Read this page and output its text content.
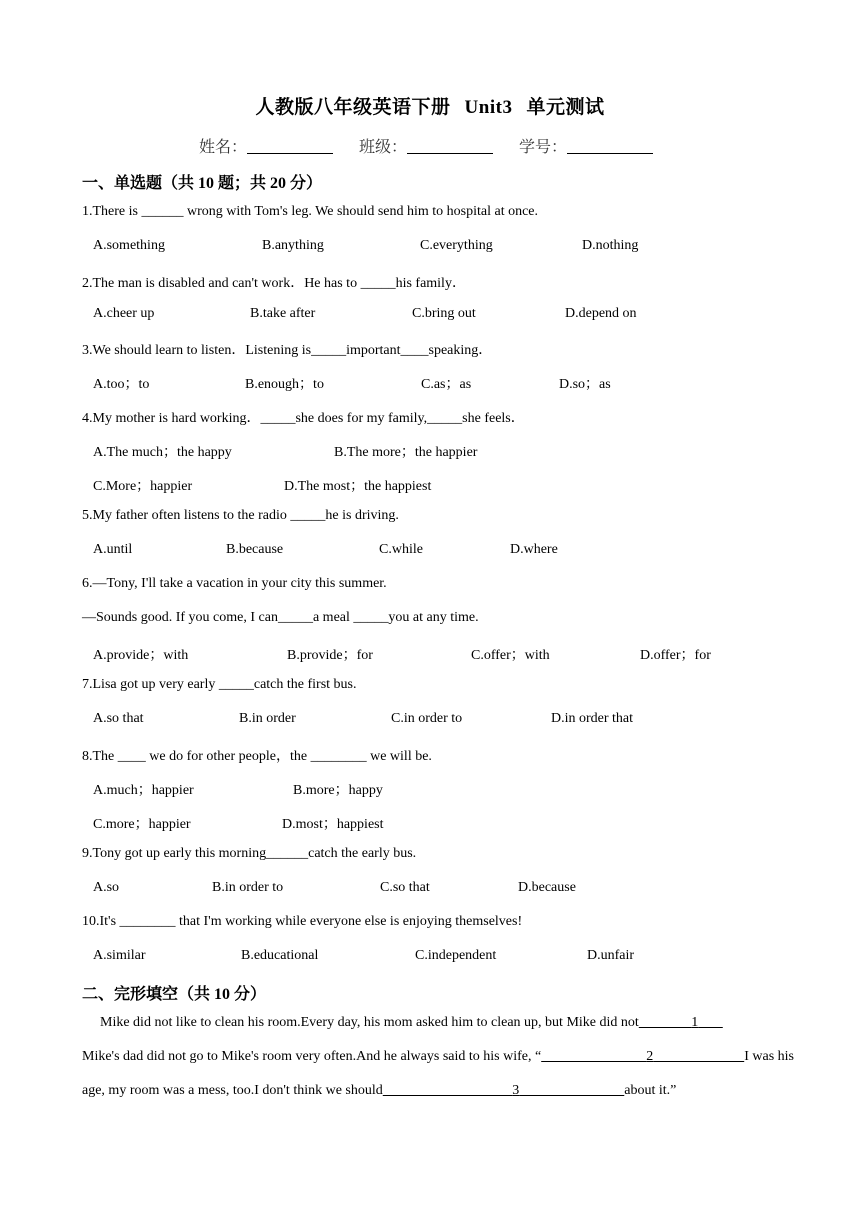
人教版八年级英语下册 Unit3 单元测试
姓名：	班级：	学号：
一、单选题（共 10 题；共 20 分）
1.There is ______ wrong with Tom's leg. We should send him to hospital at once.
A.something	B.anything	C.everything	D.nothing
2.The man is disabled and can't work．He has to _____his family．
A.cheer up	B.take after	C.bring out	D.depend on
3.We should learn to listen．Listening is_____important____speaking．
A.too；to	B.enough；to	C.as；as	D.so；as
4.My mother is hard working．_____she does for my family,_____she feels．
A.The much；the happy	B.The more；the happier
C.More；happier	D.The most；the happiest
5.My father often listens to the radio _____he is driving.
A.until	B.because	C.while	D.where
6.—Tony, I'll take a vacation in your city this summer.
—Sounds good. If you come, I can_____a meal _____you at any time.
A.provide；with	B.provide；for	C.offer；with	D.offer；for
7.Lisa got up very early _____catch the first bus.
A.so that	B.in order	C.in order to	D.in order that
8.The ____ we do for other people，the ________ we will be.
A.much；happier	B.more；happy
C.more；happier	D.most；happiest
9.Tony got up early this morning______catch the early bus.
A.so	B.in order to	C.so that	D.because
10.It's ________ that I'm working while everyone else is enjoying themselves!
A.similar	B.educational	C.independent	D.unfair
二、完形填空（共 10 分）
Mike did not like to clean his room.Every day, his mom asked him to clean up, but Mike did not	1
Mike's dad did not go to Mike's room very often.And he always said to his wife, “	2	I was his
age, my room was a mess, too.I don't think we should	3	about it.”
